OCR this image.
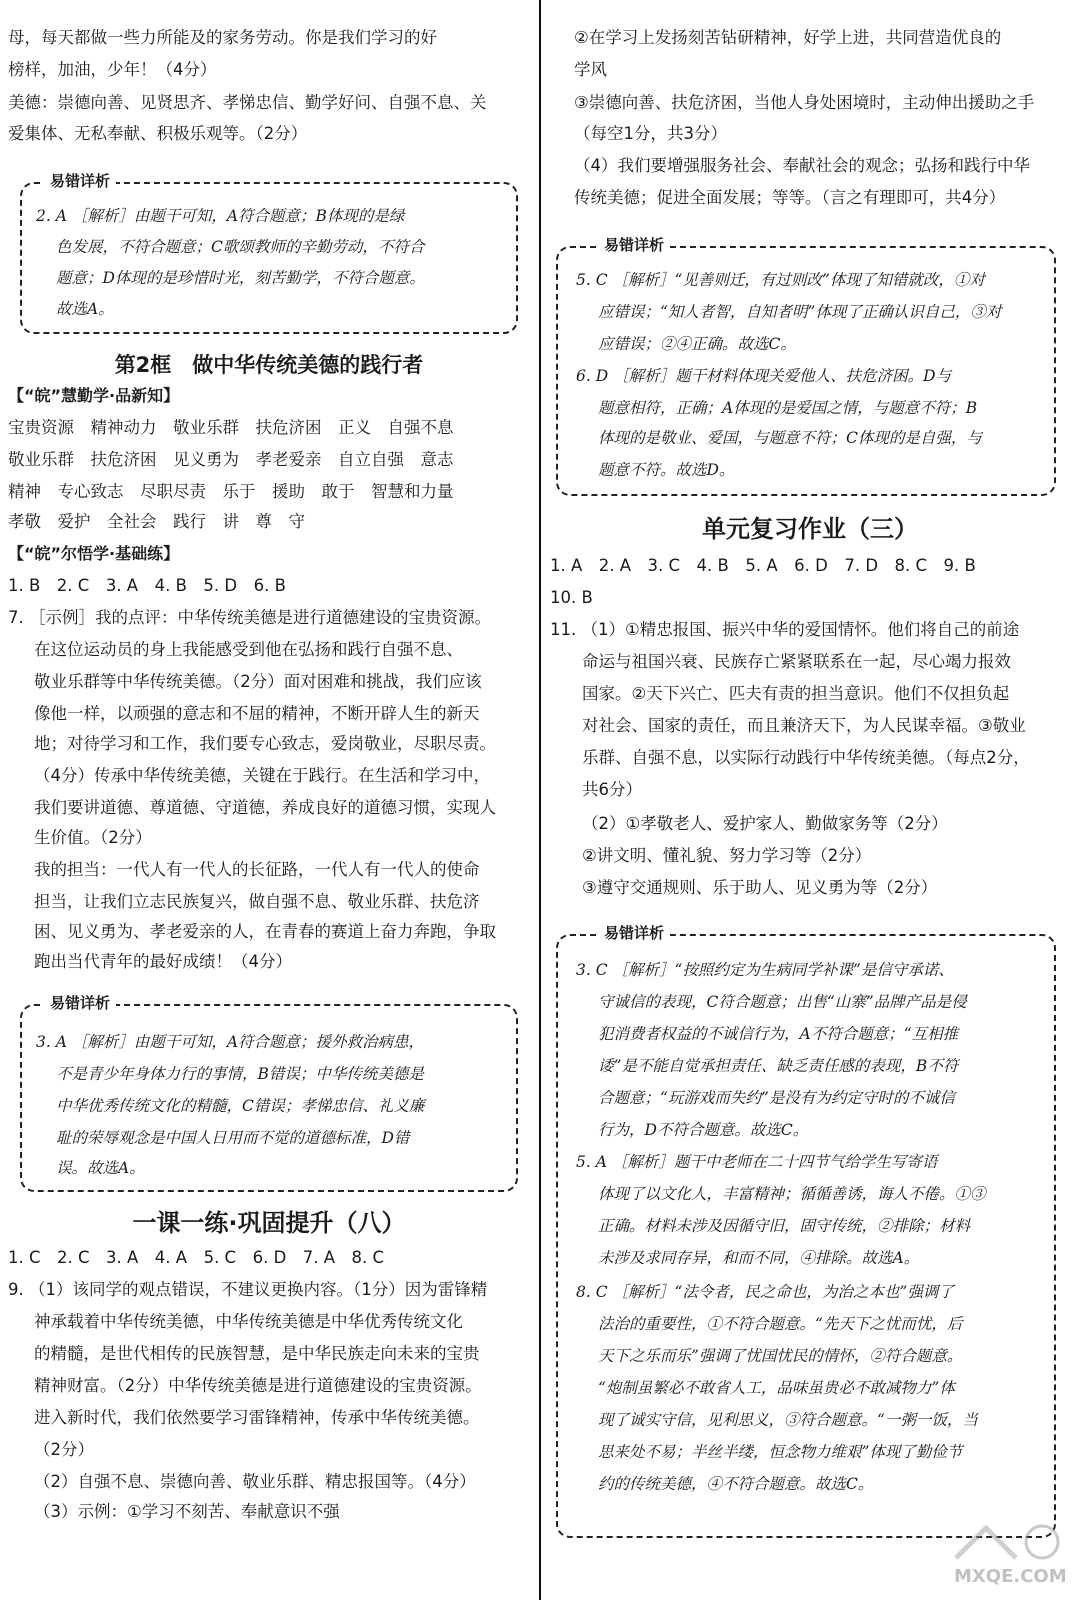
母，每天都做一些力所能及的家务劳动。你是我们学习的好
榜样，加油，少年！（4分）
美德：崇德向善、见贤思齐、孝悌忠信、勤学好问、自强不息、关
爱集体、无私奉献、积极乐观等。（2分）
易错详析
2. A ［解析］由题干可知，A符合题意；B体现的是绿
色发展，不符合题意；C歌颂教师的辛勤劳动，不符合
题意；D体现的是珍惜时光，刻苦勤学，不符合题意。
故选A。
第2框　做中华传统美德的践行者
【“皖”慧勤学·品新知】
宝贵资源　精神动力　敬业乐群　扶危济困　正义　自强不息
敬业乐群　扶危济困　见义勇为　孝老爱亲　自立自强　意志
精神　专心致志　尽职尽责　乐于　援助　敢于　智慧和力量
孝敬　爱护　全社会　践行　讲　尊　守
【“皖”尔悟学·基础练】
1. B　2. C　3. A　4. B　5. D　6. B
7. ［示例］我的点评：中华传统美德是进行道德建设的宝贵资源。
在这位运动员的身上我能感受到他在弘扬和践行自强不息、
敬业乐群等中华传统美德。（2分）面对困难和挑战，我们应该
像他一样，以顽强的意志和不屈的精神，不断开辟人生的新天
地；对待学习和工作，我们要专心致志，爱岗敬业，尽职尽责。
（4分）传承中华传统美德，关键在于践行。在生活和学习中，
我们要讲道德、尊道德、守道德，养成良好的道德习惯，实现人
生价值。（2分）
我的担当：一代人有一代人的长征路，一代人有一代人的使命
担当，让我们立志民族复兴，做自强不息、敬业乐群、扶危济
困、见义勇为、孝老爱亲的人，在青春的赛道上奋力奔跑，争取
跑出当代青年的最好成绩！（4分）
易错详析
3. A ［解析］由题干可知，A符合题意；援外救治病患，
不是青少年身体力行的事情，B错误；中华传统美德是
中华优秀传统文化的精髓，C错误；孝悌忠信、礼义廉
耻的荣辱观念是中国人日用而不觉的道德标准，D错
误。故选A。
一课一练·巩固提升（八）
1. C　2. C　3. A　4. A　5. C　6. D　7. A　8. C
9. （1）该同学的观点错误，不建议更换内容。（1分）因为雷锋精
神承载着中华传统美德，中华传统美德是中华优秀传统文化
的精髓，是世代相传的民族智慧，是中华民族走向未来的宝贵
精神财富。（2分）中华传统美德是进行道德建设的宝贵资源。
进入新时代，我们依然要学习雷锋精神，传承中华传统美德。
（2分）
（2）自强不息、崇德向善、敬业乐群、精忠报国等。（4分）
（3）示例：①学习不刻苦、奉献意识不强
②在学习上发扬刻苦钻研精神，好学上进，共同营造优良的
学风
③崇德向善、扶危济困，当他人身处困境时，主动伸出援助之手
（每空1分，共3分）
（4）我们要增强服务社会、奉献社会的观念；弘扬和践行中华
传统美德；促进全面发展；等等。（言之有理即可，共4分）
易错详析
5. C ［解析］“见善则迁，有过则改”体现了知错就改，①对
应错误；“知人者智，自知者明”体现了正确认识自己，③对
应错误；②④正确。故选C。
6. D ［解析］题干材料体现关爱他人、扶危济困。D与
题意相符，正确；A体现的是爱国之情，与题意不符；B
体现的是敬业、爱国，与题意不符；C体现的是自强，与
题意不符。故选D。
单元复习作业（三）
1. A　2. A　3. C　4. B　5. A　6. D　7. D　8. C　9. B
10. B
11. （1）①精忠报国、振兴中华的爱国情怀。他们将自己的前途
命运与祖国兴衰、民族存亡紧紧联系在一起，尽心竭力报效
国家。②天下兴亡、匹夫有责的担当意识。他们不仅担负起
对社会、国家的责任，而且兼济天下，为人民谋幸福。③敬业
乐群、自强不息，以实际行动践行中华传统美德。（每点2分，
共6分）
（2）①孝敬老人、爱护家人、勤做家务等（2分）
②讲文明、懂礼貌、努力学习等（2分）
③遵守交通规则、乐于助人、见义勇为等（2分）
易错详析
3. C ［解析］“按照约定为生病同学补课”是信守承诺、
守诚信的表现，C符合题意；出售“山寨”品牌产品是侵
犯消费者权益的不诚信行为，A不符合题意；“互相推
诿”是不能自觉承担责任、缺乏责任感的表现，B不符
合题意；“玩游戏而失约”是没有为约定守时的不诚信
行为，D不符合题意。故选C。
5. A ［解析］题干中老师在二十四节气给学生写寄语
体现了以文化人，丰富精神；循循善诱，诲人不倦。①③
正确。材料未涉及因循守旧，固守传统，②排除；材料
未涉及求同存异，和而不同，④排除。故选A。
8. C ［解析］“法令者，民之命也，为治之本也”强调了
法治的重要性，①不符合题意。“先天下之忧而忧，后
天下之乐而乐”强调了忧国忧民的情怀，②符合题意。
“炮制虽繁必不敢省人工，品味虽贵必不敢减物力”体
现了诚实守信，见利思义，③符合题意。“一粥一饭，当
思来处不易；半丝半缕，恒念物力维艰”体现了勤俭节
约的传统美德，④不符合题意。故选C。
MXQE.COM
